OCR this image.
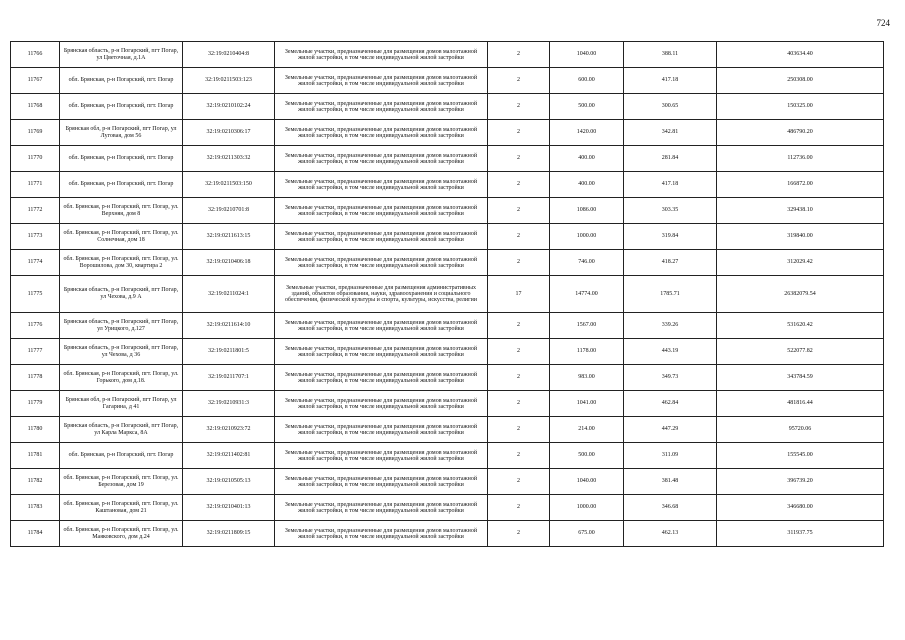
724
11766	Брянская область, р-н Погарский, пгт Погар, ул Цветочная, д.1А	32:19:0210404:8	Земельные участки, предназначенные для размещения домов малоэтажной жилой застройки, в том числе индивидуальной жилой застройки	2	1040.00	388.11	403634.40
11767	обл. Брянская, р-н Погарский, пгт. Погар	32:19:0211503:123	Земельные участки, предназначенные для размещения домов малоэтажной жилой застройки, в том числе индивидуальной жилой застройки	2	600.00	417.18	250308.00
11768	обл. Брянская, р-н Погарский, пгт. Погар	32:19:0210102:24	Земельные участки, предназначенные для размещения домов малоэтажной жилой застройки, в том числе индивидуальной жилой застройки	2	500.00	300.65	150325.00
11769	Брянская обл, р-н Погарский, пгт Погар, ул Луговая, дом 56	32:19:0210306:17	Земельные участки, предназначенные для размещения домов малоэтажной жилой застройки, в том числе индивидуальной жилой застройки	2	1420.00	342.81	486790.20
11770	обл. Брянская, р-н Погарский, пгт. Погар	32:19:0211303:32	Земельные участки, предназначенные для размещения домов малоэтажной жилой застройки, в том числе индивидуальной жилой застройки	2	400.00	281.84	112736.00
11771	обл. Брянская, р-н Погарский, пгт. Погар	32:19:0211503:150	Земельные участки, предназначенные для размещения домов малоэтажной жилой застройки, в том числе индивидуальной жилой застройки	2	400.00	417.18	166872.00
11772	обл. Брянская, р-н Погарский, пгт. Погар, ул. Верхняя, дом 8	32:19:0210701:8	Земельные участки, предназначенные для размещения домов малоэтажной жилой застройки, в том числе индивидуальной жилой застройки	2	1086.00	303.35	329438.10
11773	обл. Брянская, р-н Погарский, пгт. Погар, ул. Солнечная, дом 18	32:19:0211613:15	Земельные участки, предназначенные для размещения домов малоэтажной жилой застройки, в том числе индивидуальной жилой застройки	2	1000.00	319.84	319840.00
11774	обл. Брянская, р-н Погарский, пгт. Погар, ул. Ворошилова, дом 30, квартира 2	32:19:0210406:18	Земельные участки, предназначенные для размещения домов малоэтажной жилой застройки, в том числе индивидуальной жилой застройки	2	746.00	418.27	312029.42
11775	Брянская область, р-н Погарский, пгт Погар, ул Чехова, д.9 А	32:19:0211024:1	Земельные участки, предназначенные для размещения административных зданий, объектов образования, науки, здравоохранения и социального обеспечения, физической культуры и спорта, культуры, искусства, религии	17	14774.00	1785.71	26382079.54
11776	Брянская область, р-н Погарский, пгт Погар, ул Урицкого, д.127	32:19:0211614:10	Земельные участки, предназначенные для размещения домов малоэтажной жилой застройки, в том числе индивидуальной жилой застройки	2	1567.00	339.26	531620.42
11777	Брянская область, р-н Погарский, пгт Погар, ул Чехова, д 36	32:19:0211801:5	Земельные участки, предназначенные для размещения домов малоэтажной жилой застройки, в том числе индивидуальной жилой застройки	2	1178.00	443.19	522077.82
11778	обл. Брянская, р-н Погарский, пгт. Погар, ул. Горького, дом д.18.	32:19:0211707:1	Земельные участки, предназначенные для размещения домов малоэтажной жилой застройки, в том числе индивидуальной жилой застройки	2	983.00	349.73	343784.59
11779	Брянская обл, р-н Погарский, пгт Погар, ул Гагарина, д 41	32:19:0210931:3	Земельные участки, предназначенные для размещения домов малоэтажной жилой застройки, в том числе индивидуальной жилой застройки	2	1041.00	462.84	481816.44
11780	Брянская область, р-н Погарский, пгт Погар, ул Карла Маркса, 8А	32:19:0210923:72	Земельные участки, предназначенные для размещения домов малоэтажной жилой застройки, в том числе индивидуальной жилой застройки	2	214.00	447.29	95720.06
11781	обл. Брянская, р-н Погарский, пгт. Погар	32:19:0211402:81	Земельные участки, предназначенные для размещения домов малоэтажной жилой застройки, в том числе индивидуальной жилой застройки	2	500.00	311.09	155545.00
11782	обл. Брянская, р-н Погарский, пгт. Погар, ул. Березовая, дом 19	32:19:0210505:13	Земельные участки, предназначенные для размещения домов малоэтажной жилой застройки, в том числе индивидуальной жилой застройки	2	1040.00	381.48	396739.20
11783	обл. Брянская, р-н Погарский, пгт. Погар, ул. Каштановая, дом 21	32:19:0210401:13	Земельные участки, предназначенные для размещения домов малоэтажной жилой застройки, в том числе индивидуальной жилой застройки	2	1000.00	346.68	346680.00
11784	обл. Брянская, р-н Погарский, пгт. Погар, ул. Маяковского, дом д.24	32:19:0211809:15	Земельные участки, предназначенные для размещения домов малоэтажной жилой застройки, в том числе индивидуальной жилой застройки	2	675.00	462.13	311937.75
